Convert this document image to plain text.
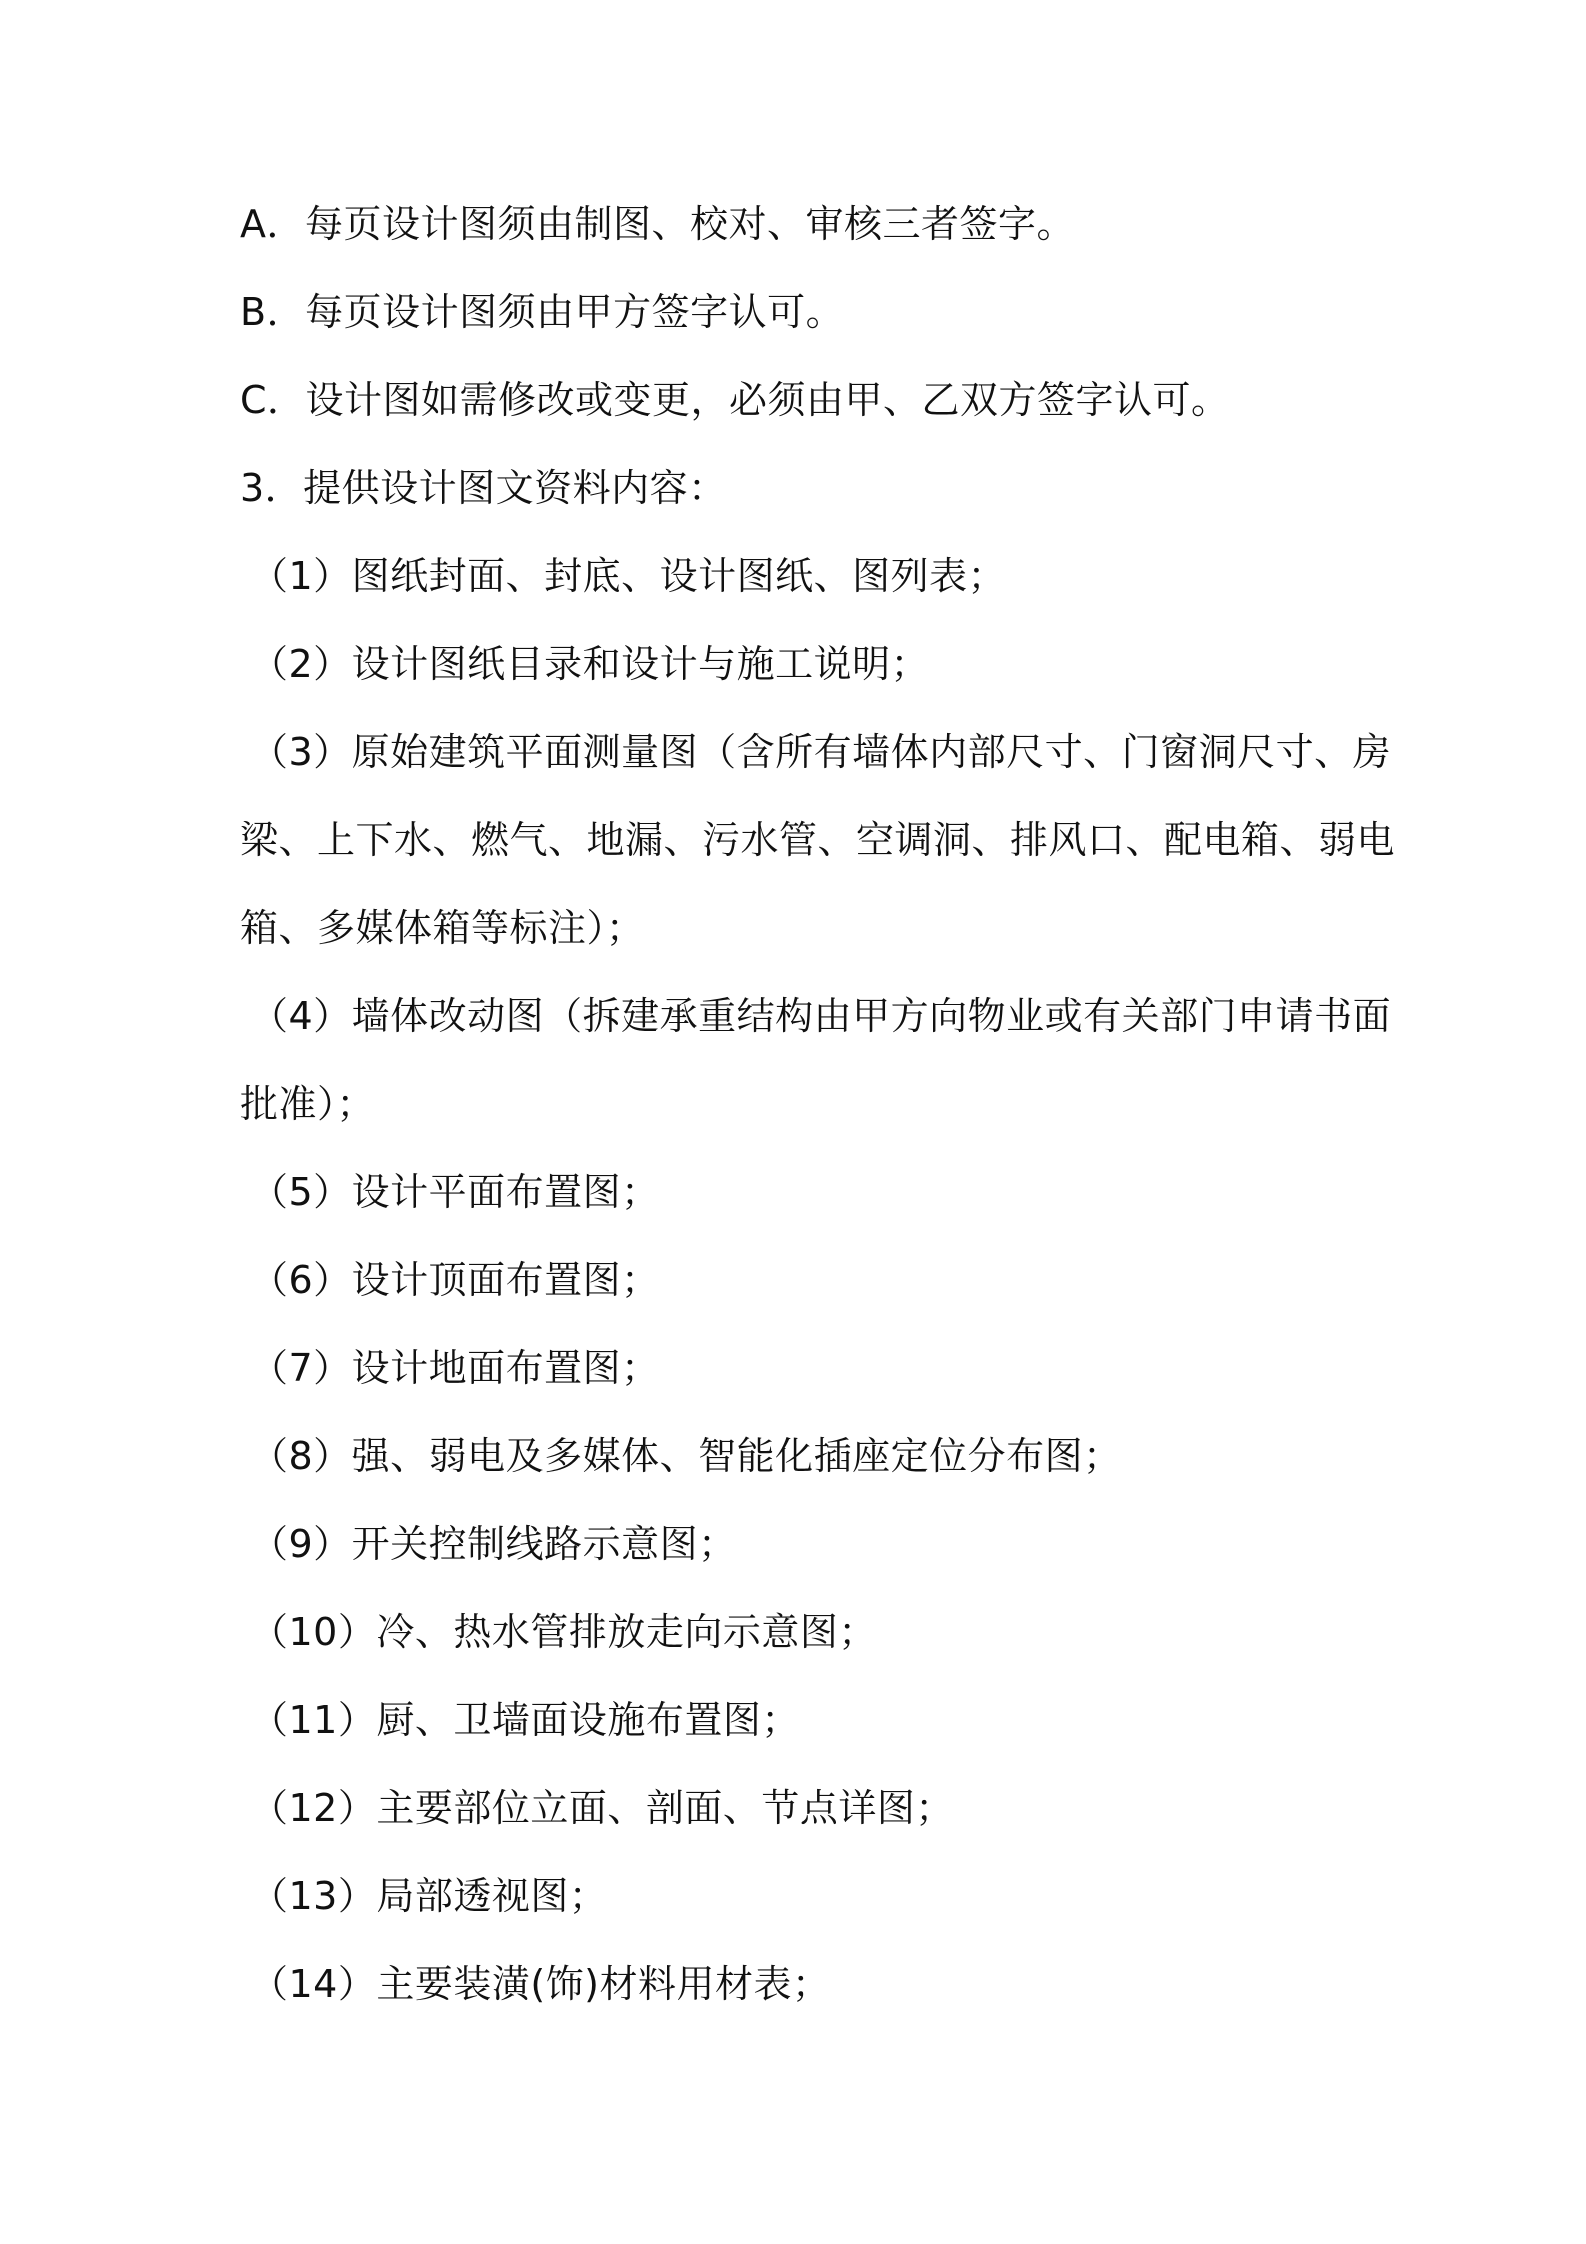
A．每页设计图须由制图、校对、审核三者签字。
B．每页设计图须由甲方签字认可。
C．设计图如需修改或变更，必须由甲、乙双方签字认可。
3．提供设计图文资料内容：
（1）图纸封面、封底、设计图纸、图列表；
（2）设计图纸目录和设计与施工说明；
（3）原始建筑平面测量图（含所有墙体内部尺寸、门窗洞尺寸、房
梁、上下水、燃气、地漏、污水管、空调洞、排风口、配电箱、弱电
箱、多媒体箱等标注）；
（4）墙体改动图（拆建承重结构由甲方向物业或有关部门申请书面
批准）；
（5）设计平面布置图；
（6）设计顶面布置图；
（7）设计地面布置图；
（8）强、弱电及多媒体、智能化插座定位分布图；
（9）开关控制线路示意图；
（10）冷、热水管排放走向示意图；
（11）厨、卫墙面设施布置图；
（12）主要部位立面、剖面、节点详图；
（13）局部透视图；
（14）主要装潢(饰)材料用材表；
